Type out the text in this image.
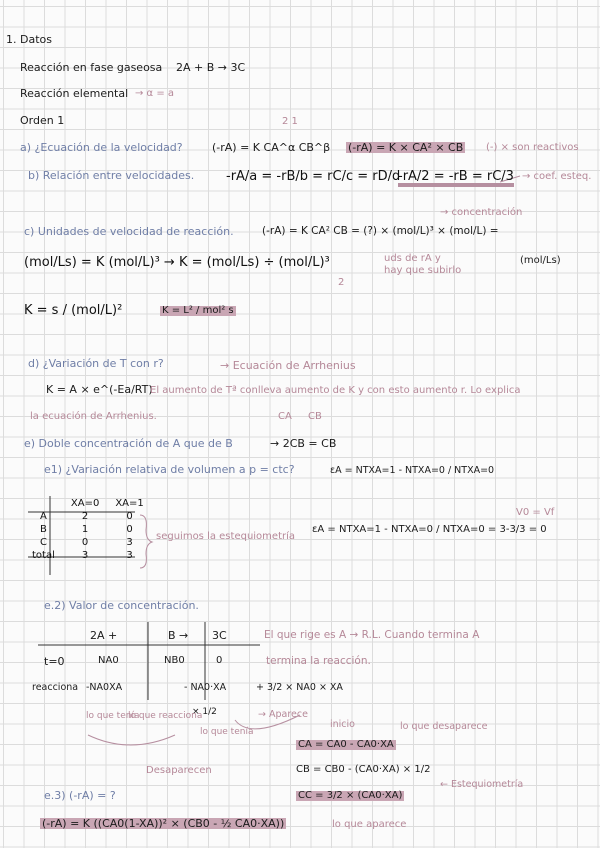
1. Datos
Reacción en fase gaseosa 2A + B → 3C
Reacción elemental → α = a
Orden 1
a) ¿Ecuación de la velocidad?
2 1
(-rA) = K CA^α CB^β (-rA) = K × CA² × CB (-) × son reactivos
b) Relación entre velocidades. -rA/a = -rB/b = rC/c = rD/d
-rA/2 = -rB = rC/3 → coef. esteq.
→ concentración
c) Unidades de velocidad de reacción.	(-rA) = K CA² CB = (?) × (mol/L)³ × (mol/L) =
(mol/Ls) = K (mol/L)³ → K = (mol/Ls) ÷ (mol/L)³	uds de rA y
hay que subirlo
(mol/Ls)
2
K = s / (mol/L)²	K = L² / mol² s
d) ¿Variación de T con r?	→ Ecuación de Arrhenius
K = A × e^(-Ea/RT)
El aumento de Tª conlleva aumento de K y con esto aumento r. Lo explica
la ecuación de Arrhenius.	CA CB
e) Doble concentración de A que de B	→ 2CB = CB
e1) ¿Variación relativa de volumen a p = ctc?	εA = NTXA=1 - NTXA=0 / NTXA=0
	XA=0	XA=1
A	2	0
B	1	0
C	0	3
total	3	3
seguimos la estequiometría
εA = NTXA=1 - NTXA=0 / NTXA=0 = 3-3/3 = 0
V0 = Vf
e.2) Valor de concentración.
2A +	B → 3C	El que rige es A → R.L. Cuando termina A
termina la reacción.
t=0	NA0	NB0	0
reacciona -NA0XA	- NA0·XA	+ 3/2 × NA0 × XA
× 1/2
lo que tenía
lo que reacciona
lo que tenía
→ Aparece
Desaparecen
inicio	lo que desaparece
CA = CA0 - CA0·XA
CB = CB0 - (CA0·XA) × 1/2
CC = 3/2 × (CA0·XA)
← Estequiometría
e.3) (-rA) = ?
(-rA) = K ((CA0(1-XA))² × (CB0 - ½ CA0·XA))	lo que aparece
